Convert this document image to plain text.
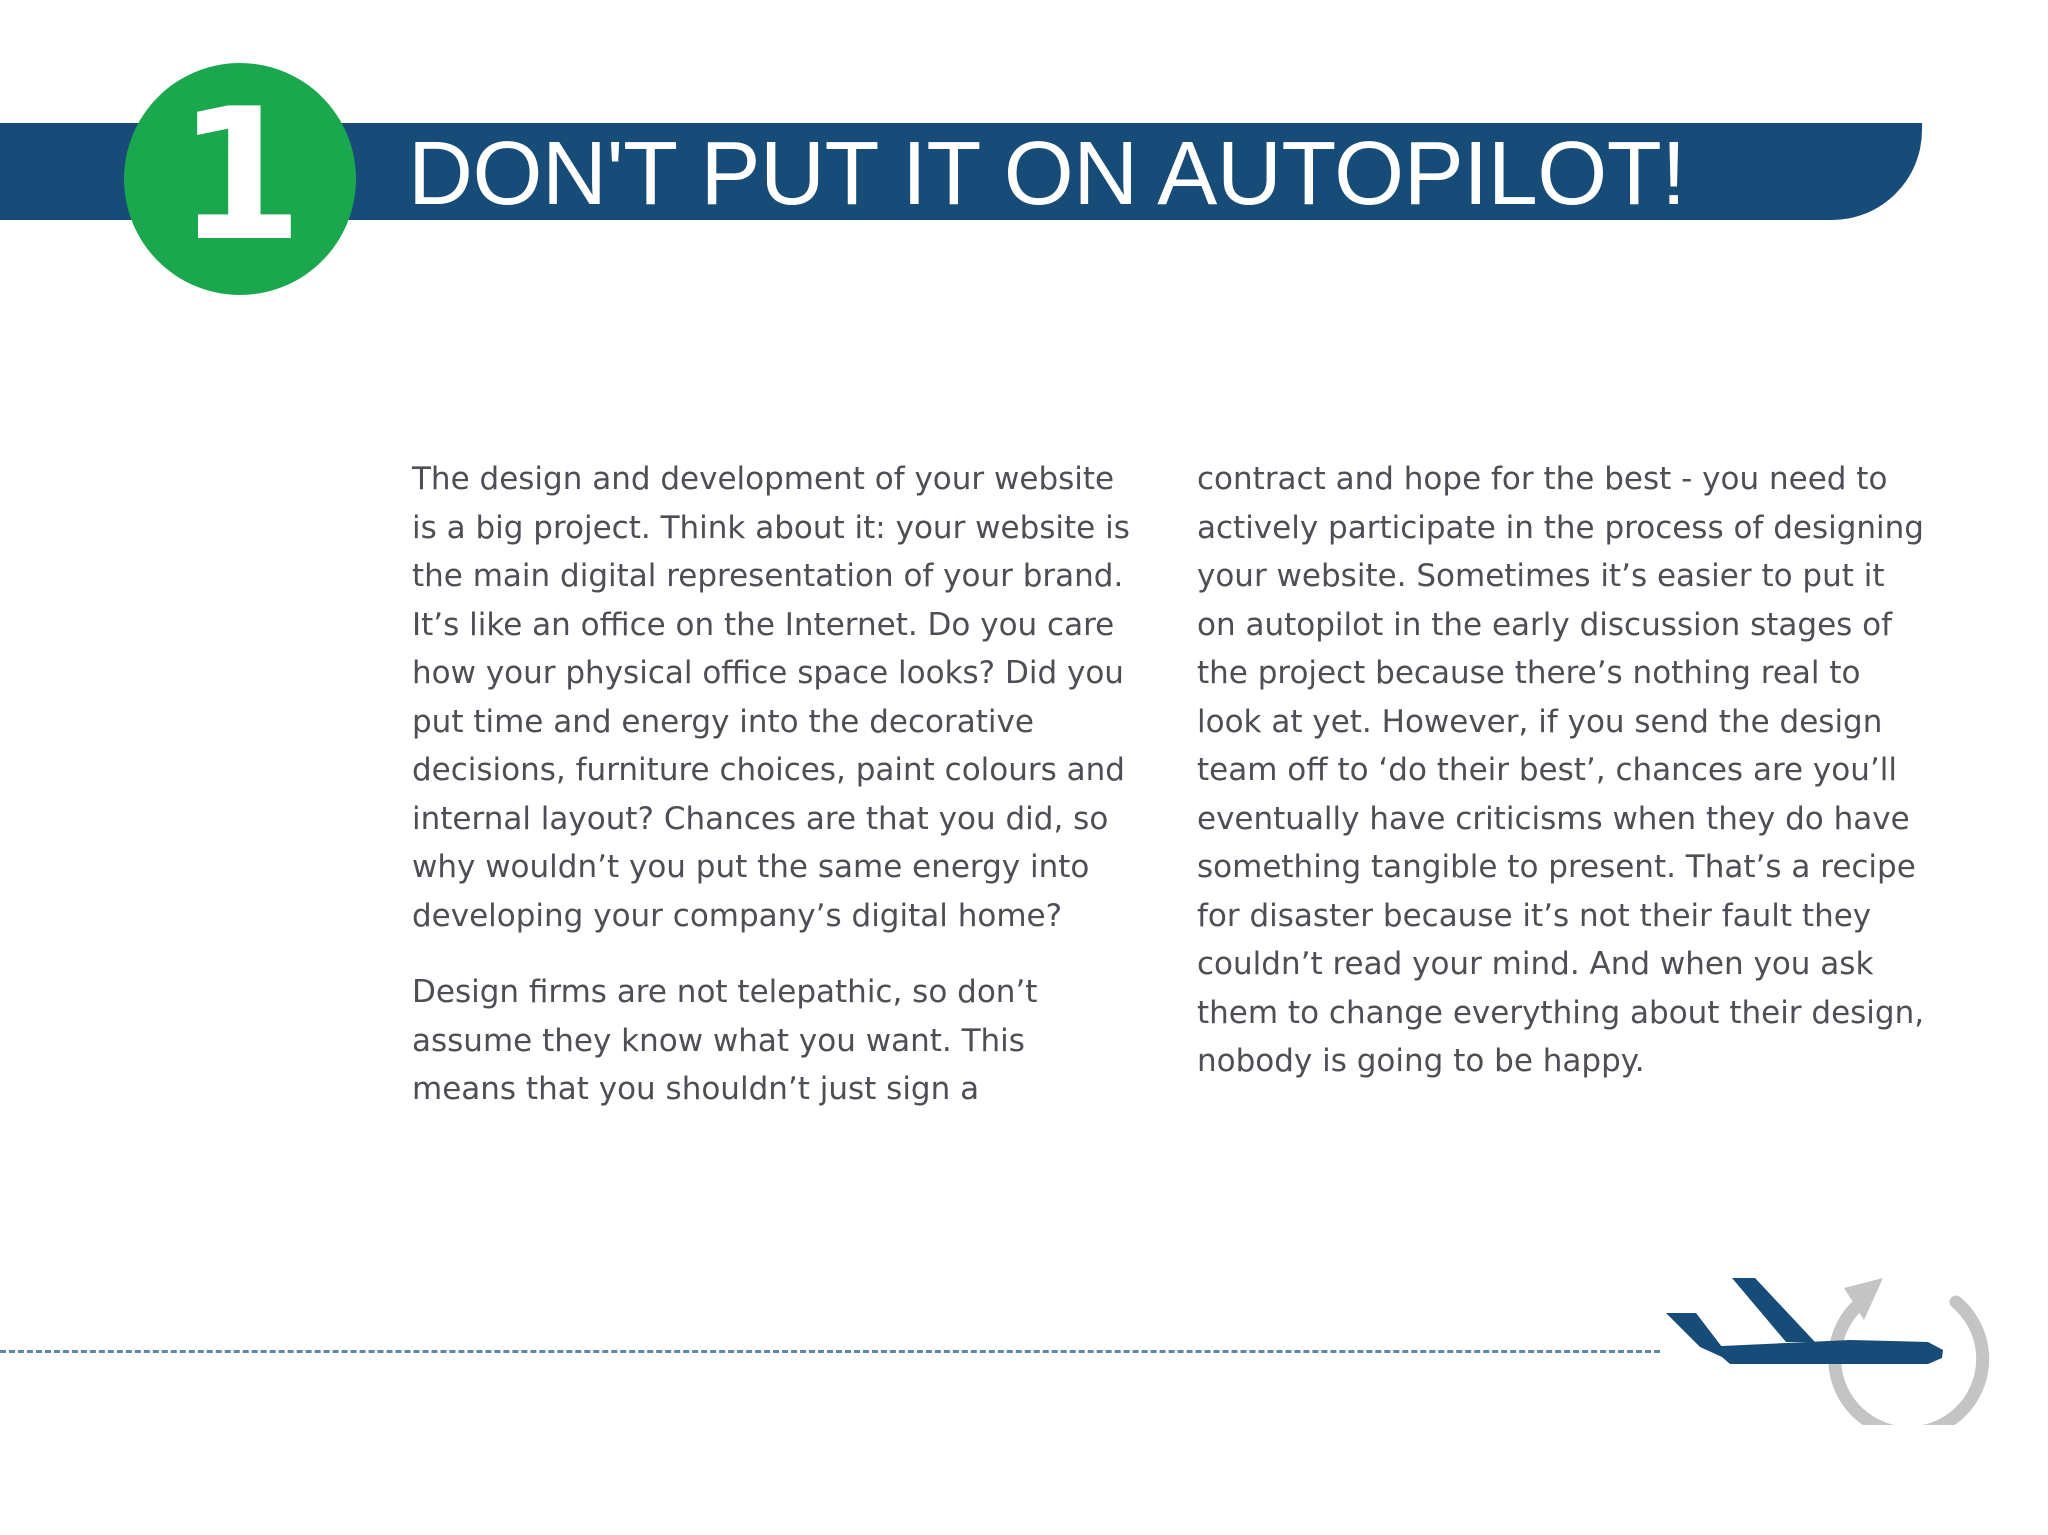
1	DON'T PUT IT ON AUTOPILOT!

The design and development of your website is a big project. Think about it: your website is the main digital representation of your brand. It’s like an office on the Internet. Do you care how your physical office space looks? Did you put time and energy into the decorative decisions, furniture choices, paint colours and internal layout? Chances are that you did, so why wouldn’t you put the same energy into developing your company’s digital home?

Design firms are not telepathic, so don’t assume they know what you want. This means that you shouldn’t just sign a

contract and hope for the best - you need to actively participate in the process of designing your website. Sometimes it’s easier to put it on autopilot in the early discussion stages of the project because there’s nothing real to look at yet. However, if you send the design team off to ‘do their best’, chances are you’ll eventually have criticisms when they do have something tangible to present. That’s a recipe for disaster because it’s not their fault they couldn’t read your mind. And when you ask them to change everything about their design, nobody is going to be happy.
